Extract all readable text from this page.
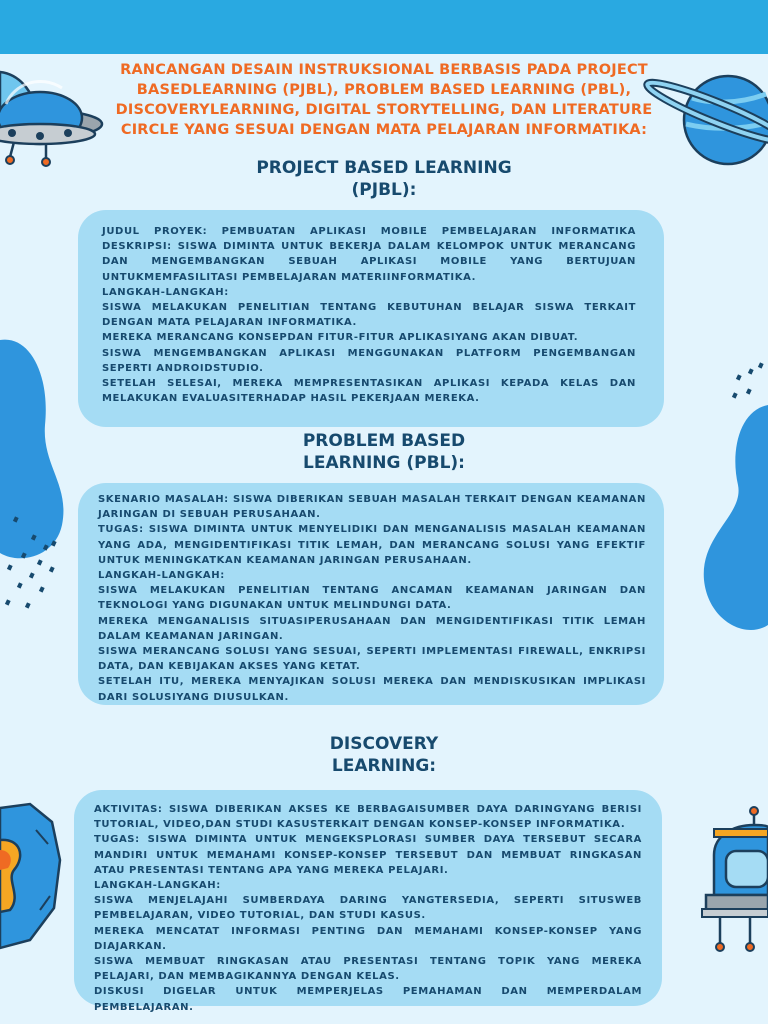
RANCANGAN DESAIN INSTRUKSIONAL BERBASIS PADA PROJECT BASEDLEARNING (PJBL), PROBLEM BASED LEARNING (PBL), DISCOVERYLEARNING, DIGITAL STORYTELLING, DAN LITERATURE CIRCLE YANG SESUAI DENGAN MATA PELAJARAN INFORMATIKA:
PROJECT BASED LEARNING
(PJBL):

JUDUL PROYEK: PEMBUATAN APLIKASI MOBILE PEMBELAJARAN INFORMATIKA DESKRIPSI: SISWA DIMINTA UNTUK BEKERJA DALAM KELOMPOK UNTUK MERANCANG DAN MENGEMBANGKAN SEBUAH APLIKASI MOBILE YANG BERTUJUAN UNTUKMEMFASILITASI PEMBELAJARAN MATERIINFORMATIKA.

LANGKAH-LANGKAH:

SISWA MELAKUKAN PENELITIAN TENTANG KEBUTUHAN BELAJAR SISWA TERKAIT DENGAN MATA PELAJARAN INFORMATIKA.

MEREKA MERANCANG KONSEPDAN FITUR-FITUR APLIKASIYANG AKAN DIBUAT.

SISWA MENGEMBANGKAN APLIKASI MENGGUNAKAN PLATFORM PENGEMBANGAN SEPERTI ANDROIDSTUDIO.

SETELAH SELESAI, MEREKA MEMPRESENTASIKAN APLIKASI KEPADA KELAS DAN MELAKUKAN EVALUASITERHADAP HASIL PEKERJAAN MEREKA.

PROBLEM BASED
LEARNING (PBL):

SKENARIO MASALAH: SISWA DIBERIKAN SEBUAH MASALAH TERKAIT DENGAN KEAMANAN JARINGAN DI SEBUAH PERUSAHAAN.

TUGAS: SISWA DIMINTA UNTUK MENYELIDIKI DAN MENGANALISIS MASALAH KEAMANAN YANG ADA, MENGIDENTIFIKASI TITIK LEMAH, DAN MERANCANG SOLUSI YANG EFEKTIF UNTUK MENINGKATKAN KEAMANAN JARINGAN PERUSAHAAN.

LANGKAH-LANGKAH:

SISWA MELAKUKAN PENELITIAN TENTANG ANCAMAN KEAMANAN JARINGAN DAN TEKNOLOGI YANG DIGUNAKAN UNTUK MELINDUNGI DATA.

MEREKA MENGANALISIS SITUASIPERUSAHAAN DAN MENGIDENTIFIKASI TITIK LEMAH DALAM KEAMANAN JARINGAN.

SISWA MERANCANG SOLUSI YANG SESUAI, SEPERTI IMPLEMENTASI FIREWALL, ENKRIPSI DATA, DAN KEBIJAKAN AKSES YANG KETAT.

SETELAH ITU, MEREKA MENYAJIKAN SOLUSI MEREKA DAN MENDISKUSIKAN IMPLIKASI DARI SOLUSIYANG DIUSULKAN.

DISCOVERY
LEARNING:

AKTIVITAS: SISWA DIBERIKAN AKSES KE BERBAGAISUMBER DAYA DARINGYANG BERISI TUTORIAL, VIDEO,DAN STUDI KASUSTERKAIT DENGAN KONSEP-KONSEP INFORMATIKA.

TUGAS: SISWA DIMINTA UNTUK MENGEKSPLORASI SUMBER DAYA TERSEBUT SECARA MANDIRI UNTUK MEMAHAMI KONSEP-KONSEP TERSEBUT DAN MEMBUAT RINGKASAN ATAU PRESENTASI TENTANG APA YANG MEREKA PELAJARI.

LANGKAH-LANGKAH:

SISWA MENJELAJAHI SUMBERDAYA DARING YANGTERSEDIA, SEPERTI SITUSWEB PEMBELAJARAN, VIDEO TUTORIAL, DAN STUDI KASUS.

MEREKA MENCATAT INFORMASI PENTING DAN MEMAHAMI KONSEP-KONSEP YANG DIAJARKAN.

SISWA MEMBUAT RINGKASAN ATAU PRESENTASI TENTANG TOPIK YANG MEREKA PELAJARI, DAN MEMBAGIKANNYA DENGAN KELAS.

DISKUSI DIGELAR UNTUK MEMPERJELAS PEMAHAMAN DAN MEMPERDALAM PEMBELAJARAN.
